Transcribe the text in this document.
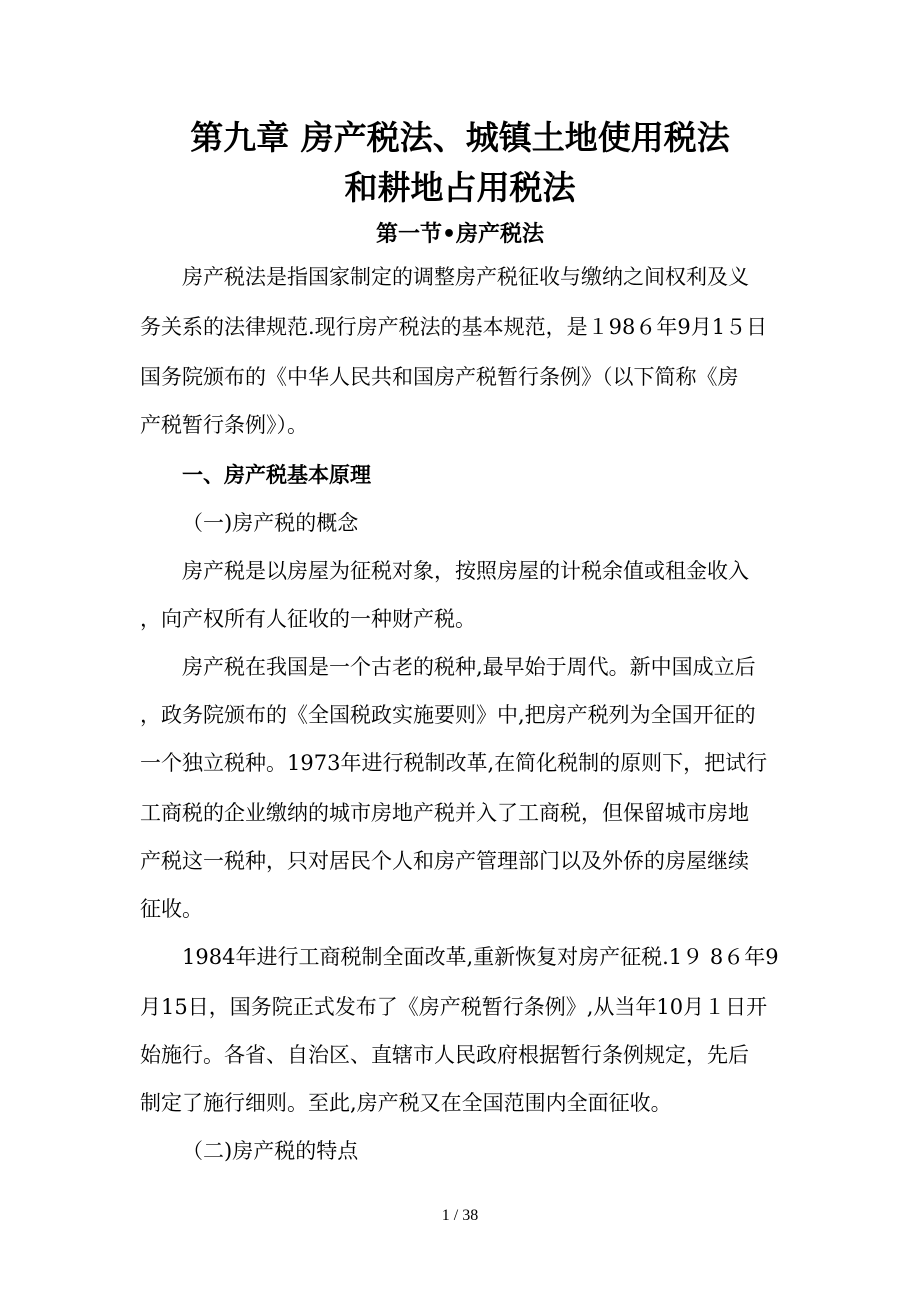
第九章 房产税法、城镇土地使用税法
和耕地占用税法
第一节•房产税法
房产税法是指国家制定的调整房产税征收与缴纳之间权利及义
务关系的法律规范.现行房产税法的基本规范，是１98６年9月1５日
国务院颁布的《中华人民共和国房产税暂行条例》（以下简称《房
产税暂行条例》）。
一、房产税基本原理
（一)房产税的概念
房产税是以房屋为征税对象，按照房屋的计税余值或租金收入
，向产权所有人征收的一种财产税。
房产税在我国是一个古老的税种,最早始于周代。新中国成立后
，政务院颁布的《全国税政实施要则》中,把房产税列为全国开征的
一个独立税种。1973年进行税制改革,在简化税制的原则下，把试行
工商税的企业缴纳的城市房地产税并入了工商税，但保留城市房地
产税这一税种，只对居民个人和房产管理部门以及外侨的房屋继续
征收。
1984年进行工商税制全面改革,重新恢复对房产征税.1９ 8６年9
月15日，国务院正式发布了《房产税暂行条例》,从当年10月１日开
始施行。各省、自治区、直辖市人民政府根据暂行条例规定，先后
制定了施行细则。至此,房产税又在全国范围内全面征收。
（二)房产税的特点
1 / 38
